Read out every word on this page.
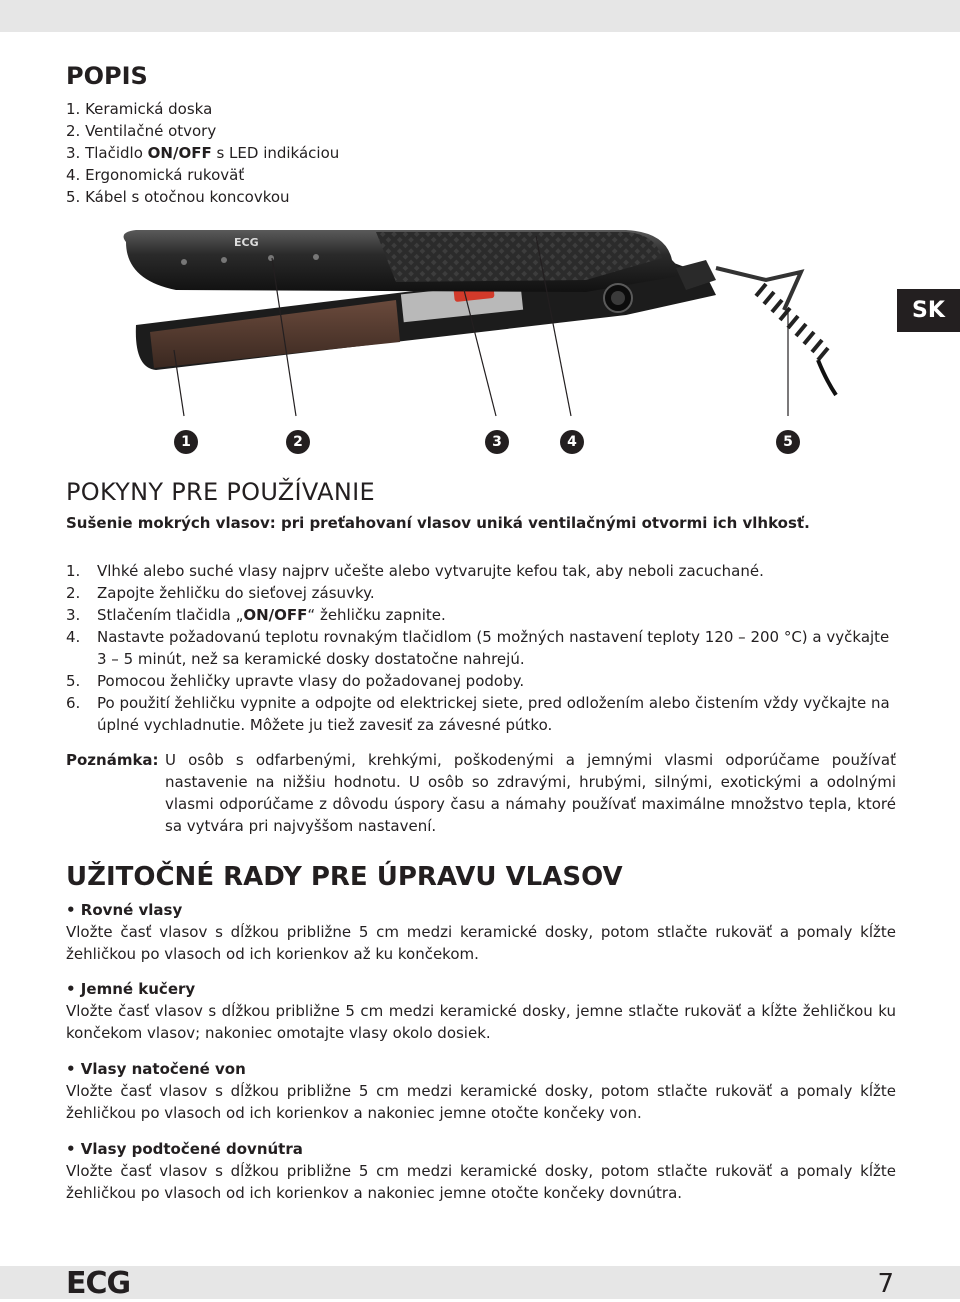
POPIS
1. Keramická doska
2. Ventilačné otvory
3. Tlačidlo ON/OFF s LED indikáciou
4. Ergonomická rukoväť
5. Kábel s otočnou koncovkou
SK
ECG
1	2	3	4	5
POKYNY PRE POUŽÍVANIE
Sušenie mokrých vlasov: pri preťahovaní vlasov uniká ventilačnými otvormi ich vlhkosť.
1.	Vlhké alebo suché vlasy najprv učešte alebo vytvarujte kefou tak, aby neboli zacuchané.
2.	Zapojte žehličku do sieťovej zásuvky.
3.	Stlačením tlačidla „ON/OFF“ žehličku zapnite.
4.	Nastavte požadovanú teplotu rovnakým tlačidlom (5 možných nastavení teploty 120 – 200 °C) a vyčkajte 3 – 5 minút, než sa keramické dosky dostatočne nahrejú.
5.	Pomocou žehličky upravte vlasy do požadovanej podoby.
6.	Po použití žehličku vypnite a odpojte od elektrickej siete, pred odložením alebo čistením vždy vyčkajte na úplné vychladnutie. Môžete ju tiež zavesiť za závesné pútko.
Poznámka: U osôb s odfarbenými, krehkými, poškodenými a jemnými vlasmi odporúčame používať nastavenie na nižšiu hodnotu. U osôb so zdravými, hrubými, silnými, exotickými a odolnými vlasmi odporúčame z dôvodu úspory času a námahy používať maximálne množstvo tepla, ktoré sa vytvára pri najvyššom nastavení.
UŽITOČNÉ RADY PRE ÚPRAVU VLASOV
• Rovné vlasy
Vložte časť vlasov s dĺžkou približne 5 cm medzi keramické dosky, potom stlačte rukoväť a pomaly kĺžte žehličkou po vlasoch od ich korienkov až ku končekom.
• Jemné kučery
Vložte časť vlasov s dĺžkou približne 5 cm medzi keramické dosky, jemne stlačte rukoväť a kĺžte žehličkou ku končekom vlasov; nakoniec omotajte vlasy okolo dosiek.
• Vlasy natočené von
Vložte časť vlasov s dĺžkou približne 5 cm medzi keramické dosky, potom stlačte rukoväť a pomaly kĺžte žehličkou po vlasoch od ich korienkov a nakoniec jemne otočte končeky von.
• Vlasy podtočené dovnútra
Vložte časť vlasov s dĺžkou približne 5 cm medzi keramické dosky, potom stlačte rukoväť a pomaly kĺžte žehličkou po vlasoch od ich korienkov a nakoniec jemne otočte končeky dovnútra.
ECG	7
